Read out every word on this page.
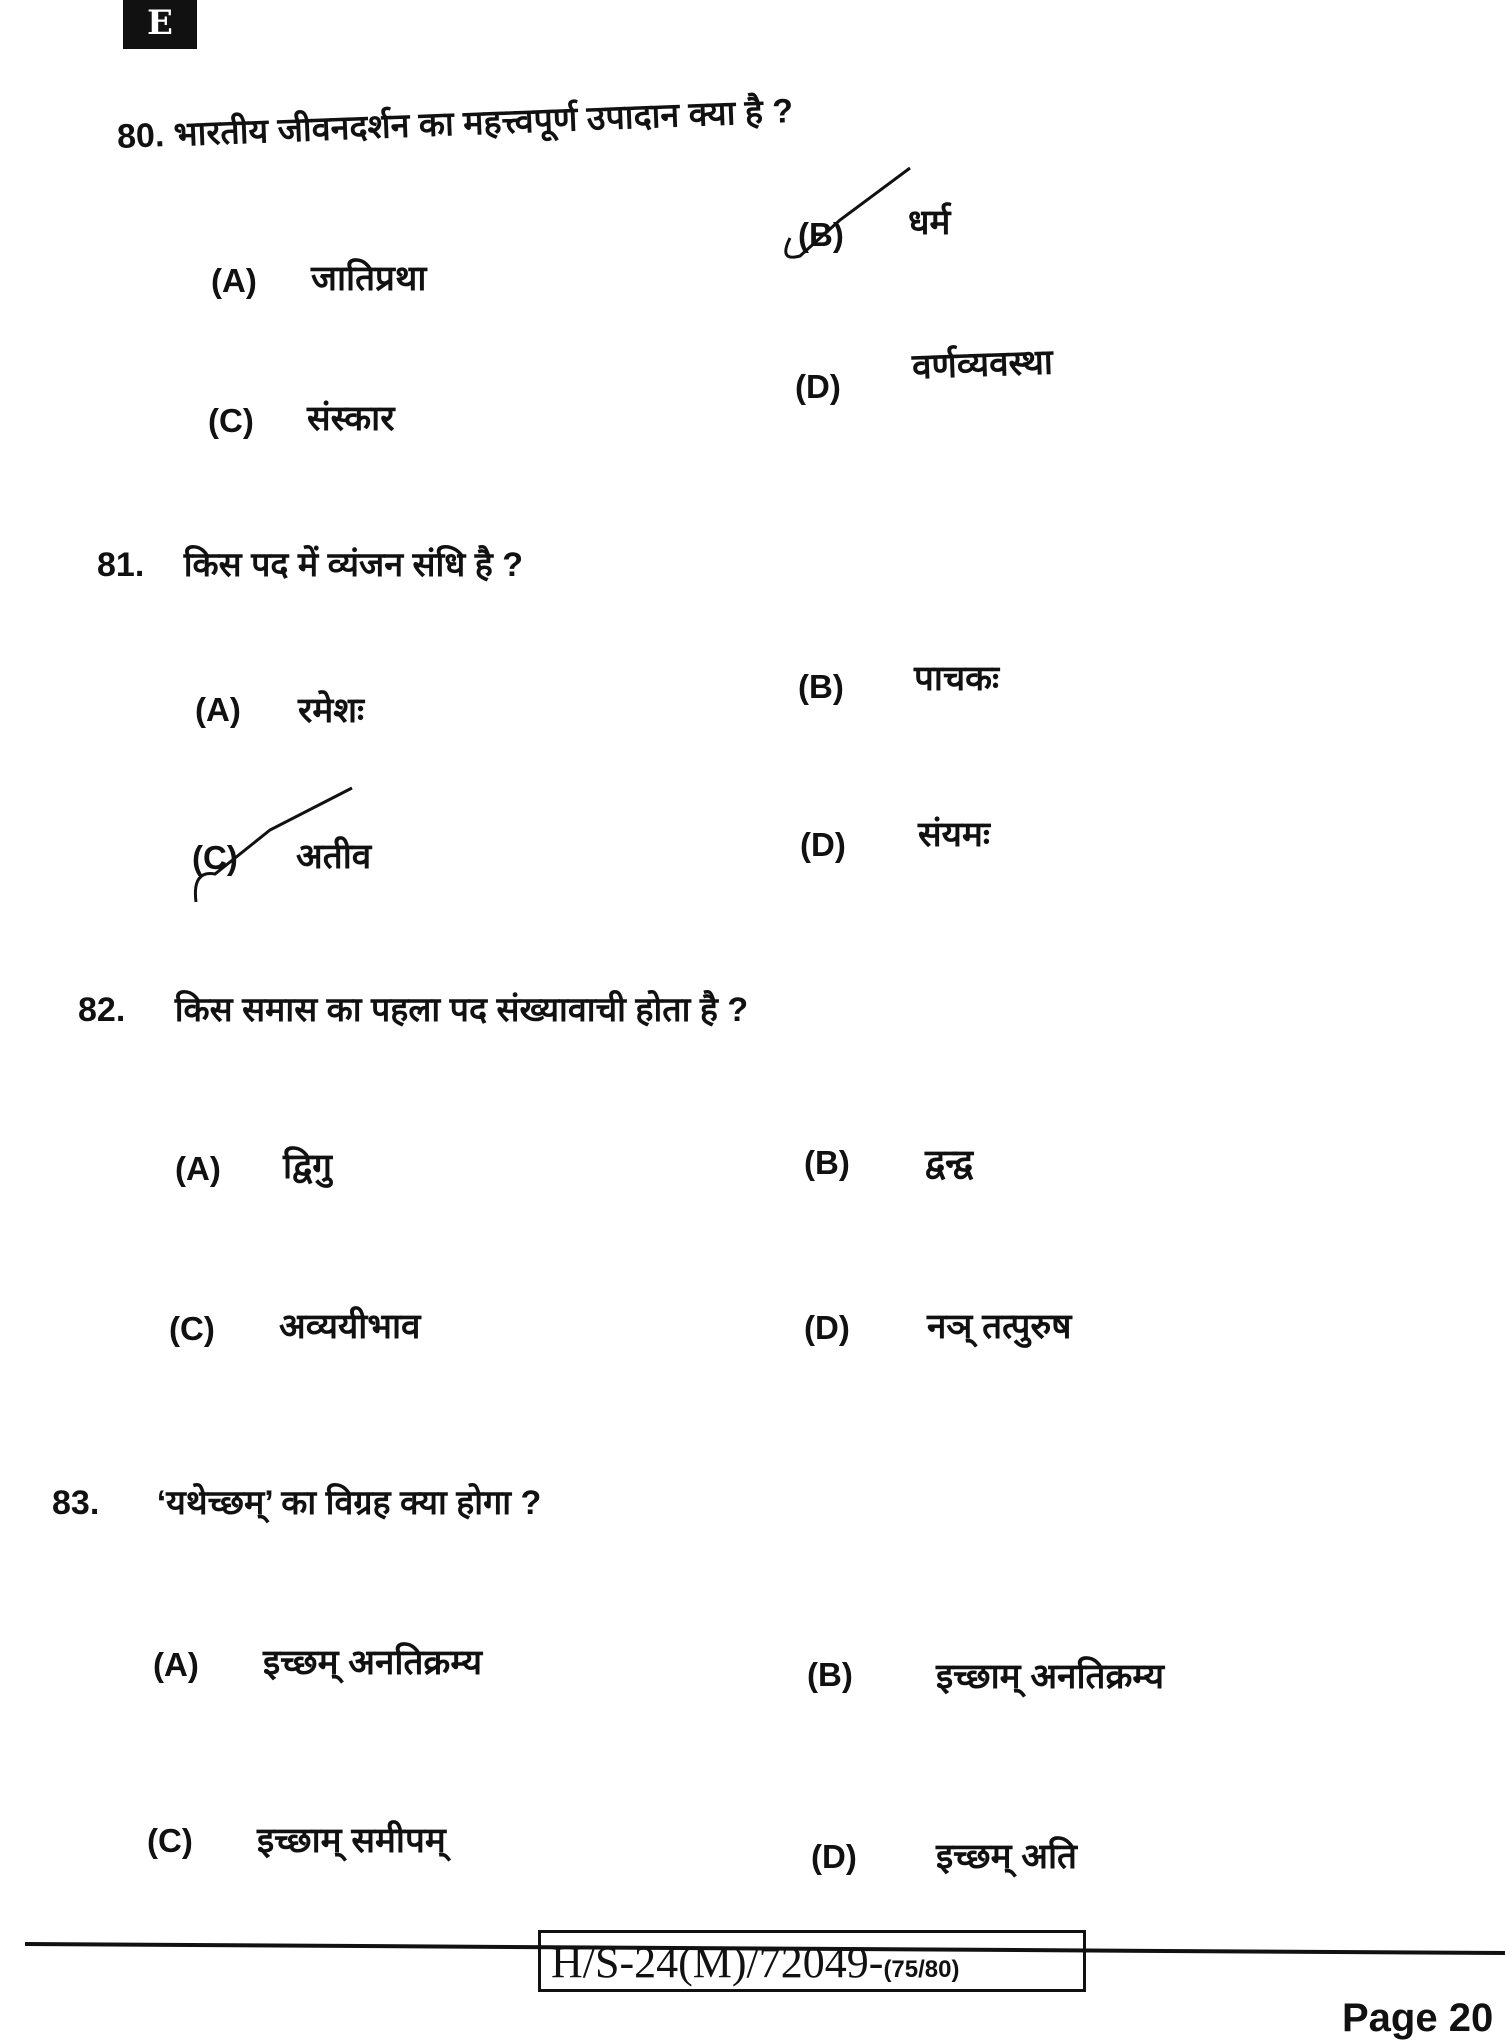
E
80. भारतीय जीवनदर्शन का महत्त्वपूर्ण उपादान क्या है ?
(A) जातिप्रथा
(B) धर्म
(C) संस्कार
(D)
वर्णव्यवस्था
81. किस पद में व्यंजन संधि है ?
(A) रमेशः
(B) पाचकः
(C) अतीव	(D) संयमः
82. किस समास का पहला पद संख्यावाची होता है ?
(A) द्विगु	(B) द्वन्द्व
(C) अव्ययीभाव	(D) नञ् तत्पुरुष
83. ‘यथेच्छम्’ का विग्रह क्या होगा ?
(A) इच्छम् अनतिक्रम्य	(B) इच्छाम् अनतिक्रम्य
(C) इच्छाम् समीपम्	(D) इच्छम् अति
H/S-24(M)/72049-(75/80)
Page 20
